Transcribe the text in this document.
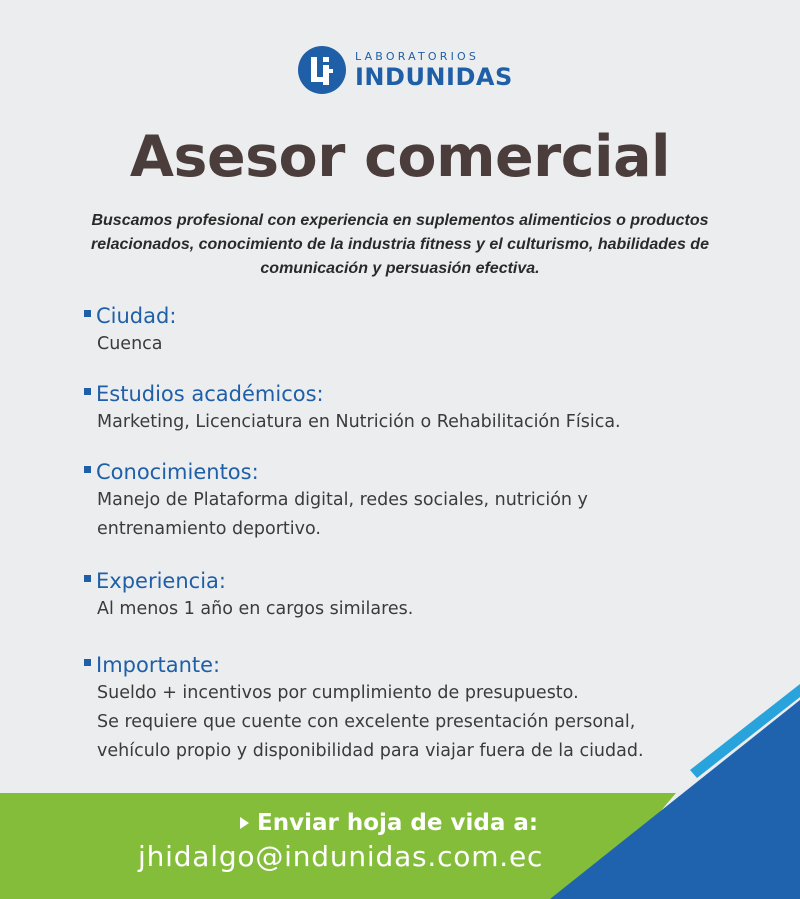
LABORATORIOS
INDUNIDAS
Asesor comercial

Buscamos profesional con experiencia en suplementos alimenticios o productos relacionados, conocimiento de la industria fitness y el culturismo, habilidades de comunicación y persuasión efectiva.

Ciudad:
Cuenca
Estudios académicos:
Marketing, Licenciatura en Nutrición o Rehabilitación Física.
Conocimientos:
Manejo de Plataforma digital, redes sociales, nutrición y
entrenamiento deportivo.
Experiencia:
Al menos 1 año en cargos similares.
Importante:
Sueldo + incentivos por cumplimiento de presupuesto.
Se requiere que cuente con excelente presentación personal,
vehículo propio y disponibilidad para viajar fuera de la ciudad.
Enviar hoja de vida a:
jhidalgo@indunidas.com.ec
